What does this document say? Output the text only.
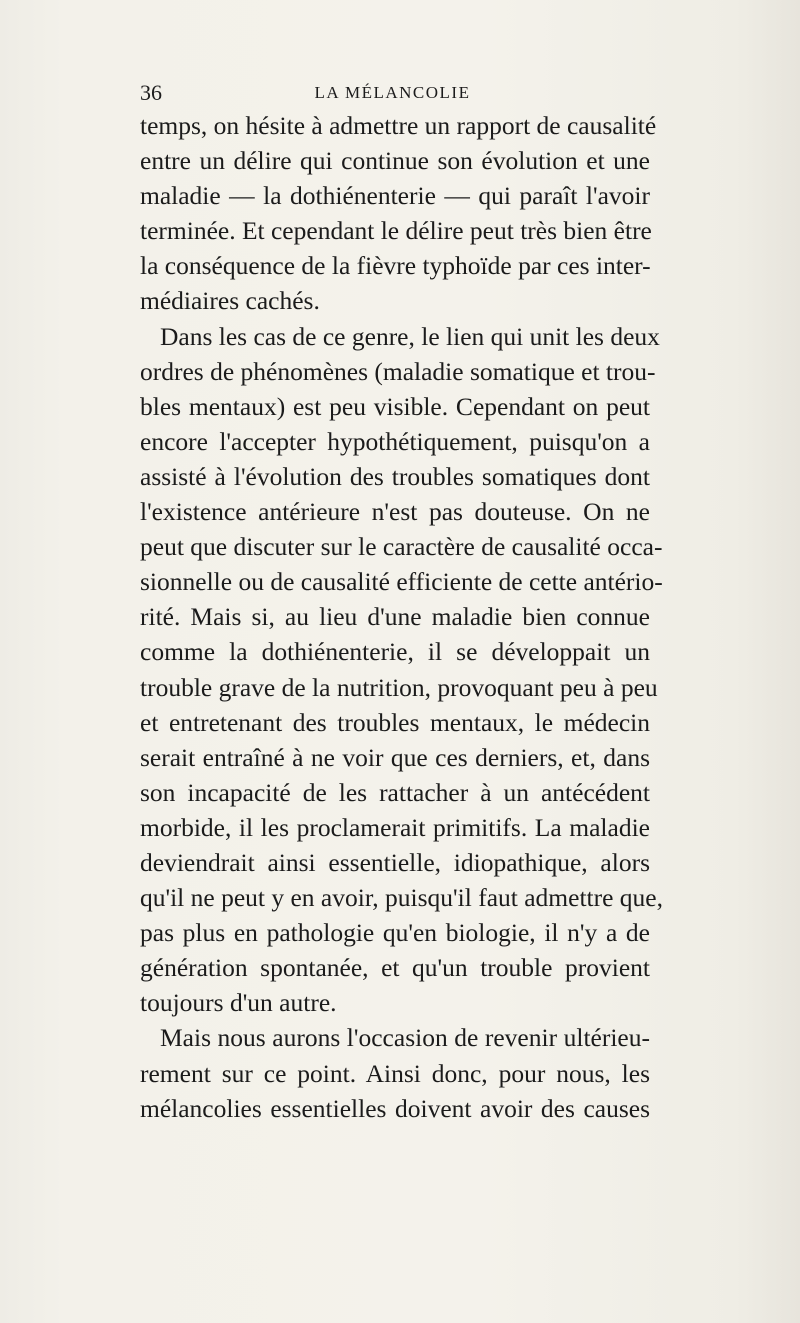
36	LA MÉLANCOLIE
temps, on hésite à admettre un rapport de causalité
entre un délire qui continue son évolution et une
maladie — la dothiénenterie — qui paraît l'avoir
terminée. Et cependant le délire peut très bien être
la conséquence de la fièvre typhoïde par ces inter-
médiaires cachés.
Dans les cas de ce genre, le lien qui unit les deux
ordres de phénomènes (maladie somatique et trou-
bles mentaux) est peu visible. Cependant on peut
encore l'accepter hypothétiquement, puisqu'on a
assisté à l'évolution des troubles somatiques dont
l'existence antérieure n'est pas douteuse. On ne
peut que discuter sur le caractère de causalité occa-
sionnelle ou de causalité efficiente de cette antério-
rité. Mais si, au lieu d'une maladie bien connue
comme la dothiénenterie, il se développait un
trouble grave de la nutrition, provoquant peu à peu
et entretenant des troubles mentaux, le médecin
serait entraîné à ne voir que ces derniers, et, dans
son incapacité de les rattacher à un antécédent
morbide, il les proclamerait primitifs. La maladie
deviendrait ainsi essentielle, idiopathique, alors
qu'il ne peut y en avoir, puisqu'il faut admettre que,
pas plus en pathologie qu'en biologie, il n'y a de
génération spontanée, et qu'un trouble provient
toujours d'un autre.
Mais nous aurons l'occasion de revenir ultérieu-
rement sur ce point. Ainsi donc, pour nous, les
mélancolies essentielles doivent avoir des causes
